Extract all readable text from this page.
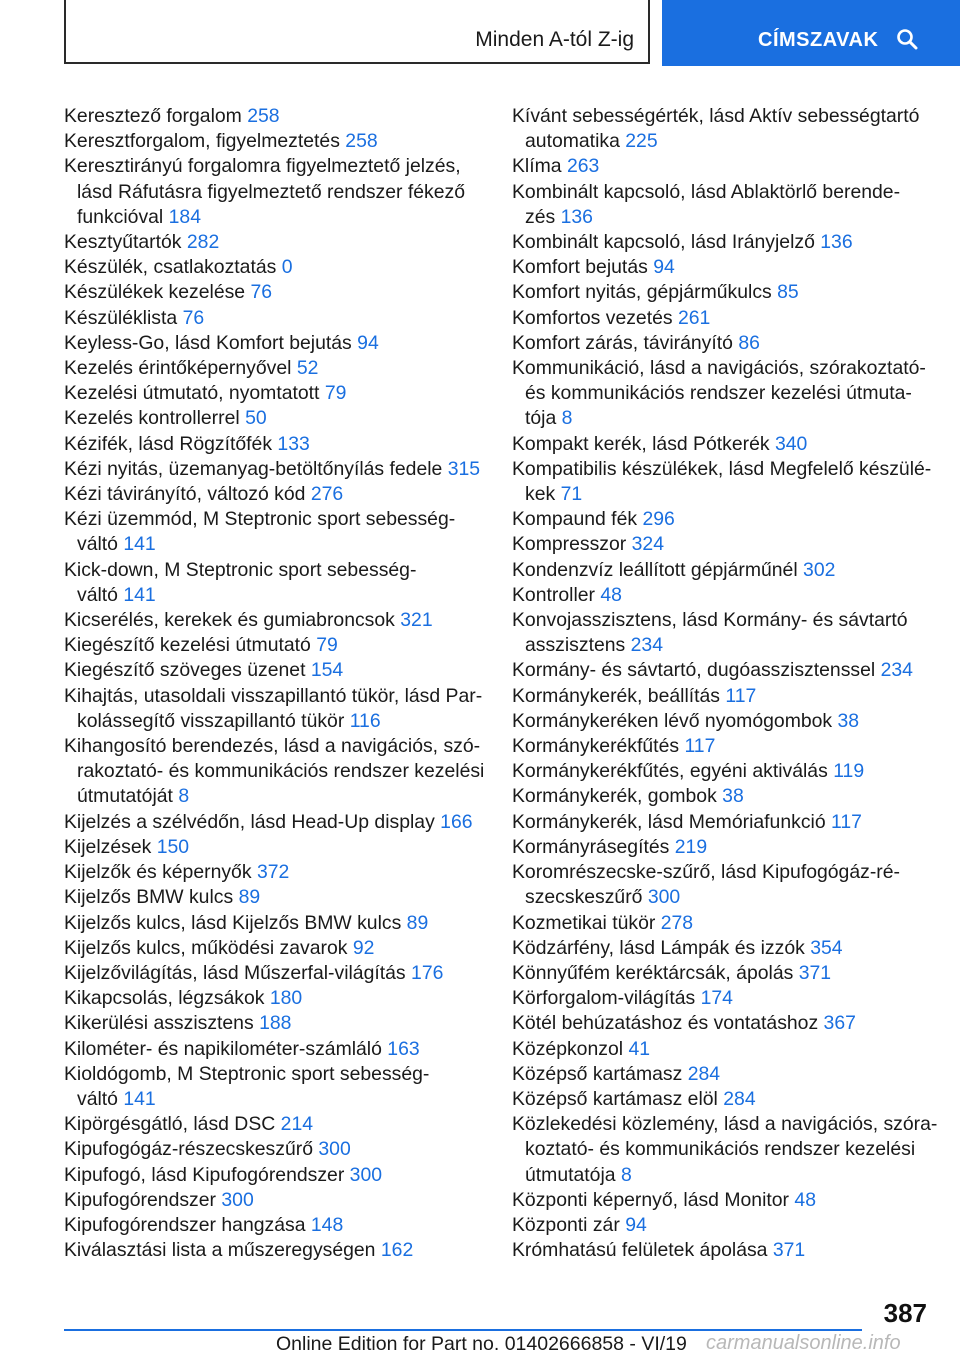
Minden A-tól Z-ig	CÍMSZAVAK
Keresztező forgalom 258
Keresztforgalom, figyelmeztetés 258
Keresztirányú forgalomra figyelmeztető jelzés,
lásd Ráfutásra figyelmeztető rendszer fékező
funkcióval 184
Kesztyűtartók 282
Készülék, csatlakoztatás 0
Készülékek kezelése 76
Készüléklista 76
Keyless-Go, lásd Komfort bejutás 94
Kezelés érintőképernyővel 52
Kezelési útmutató, nyomtatott 79
Kezelés kontrollerrel 50
Kézifék, lásd Rögzítőfék 133
Kézi nyitás, üzemanyag-betöltőnyílás fedele 315
Kézi távirányító, változó kód 276
Kézi üzemmód, M Steptronic sport sebesség-
váltó 141
Kick-down, M Steptronic sport sebesség-
váltó 141
Kicserélés, kerekek és gumiabroncsok 321
Kiegészítő kezelési útmutató 79
Kiegészítő szöveges üzenet 154
Kihajtás, utasoldali visszapillantó tükör, lásd Par-
kolássegítő visszapillantó tükör 116
Kihangosító berendezés, lásd a navigációs, szó-
rakoztató- és kommunikációs rendszer kezelési
útmutatóját 8
Kijelzés a szélvédőn, lásd Head-Up display 166
Kijelzések 150
Kijelzők és képernyők 372
Kijelzős BMW kulcs 89
Kijelzős kulcs, lásd Kijelzős BMW kulcs 89
Kijelzős kulcs, működési zavarok 92
Kijelzővilágítás, lásd Műszerfal-világítás 176
Kikapcsolás, légzsákok 180
Kikerülési asszisztens 188
Kilométer- és napikilométer-számláló 163
Kioldógomb, M Steptronic sport sebesség-
váltó 141
Kipörgésgátló, lásd DSC 214
Kipufogógáz-részecskeszűrő 300
Kipufogó, lásd Kipufogórendszer 300
Kipufogórendszer 300
Kipufogórendszer hangzása 148
Kiválasztási lista a műszeregységen 162
Kívánt sebességérték, lásd Aktív sebességtartó
automatika 225
Klíma 263
Kombinált kapcsoló, lásd Ablaktörlő berende-
zés 136
Kombinált kapcsoló, lásd Irányjelző 136
Komfort bejutás 94
Komfort nyitás, gépjárműkulcs 85
Komfortos vezetés 261
Komfort zárás, távirányító 86
Kommunikáció, lásd a navigációs, szórakoztató-
és kommunikációs rendszer kezelési útmuta-
tója 8
Kompakt kerék, lásd Pótkerék 340
Kompatibilis készülékek, lásd Megfelelő készülé-
kek 71
Kompaund fék 296
Kompresszor 324
Kondenzvíz leállított gépjárműnél 302
Kontroller 48
Konvojasszisztens, lásd Kormány- és sávtartó
asszisztens 234
Kormány- és sávtartó, dugóasszisztenssel 234
Kormánykerék, beállítás 117
Kormánykeréken lévő nyomógombok 38
Kormánykerékfűtés 117
Kormánykerékfűtés, egyéni aktiválás 119
Kormánykerék, gombok 38
Kormánykerék, lásd Memóriafunkció 117
Kormányrásegítés 219
Koromrészecske-szűrő, lásd Kipufogógáz-ré-
szecskeszűrő 300
Kozmetikai tükör 278
Ködzárfény, lásd Lámpák és izzók 354
Könnyűfém keréktárcsák, ápolás 371
Körforgalom-világítás 174
Kötél behúzatáshoz és vontatáshoz 367
Középkonzol 41
Középső kartámasz 284
Középső kartámasz elöl 284
Közlekedési közlemény, lásd a navigációs, szóra-
koztató- és kommunikációs rendszer kezelési
útmutatója 8
Központi képernyő, lásd Monitor 48
Központi zár 94
Krómhatású felületek ápolása 371
387
Online Edition for Part no. 01402666858 - VI/19 carmanualsonline.info
